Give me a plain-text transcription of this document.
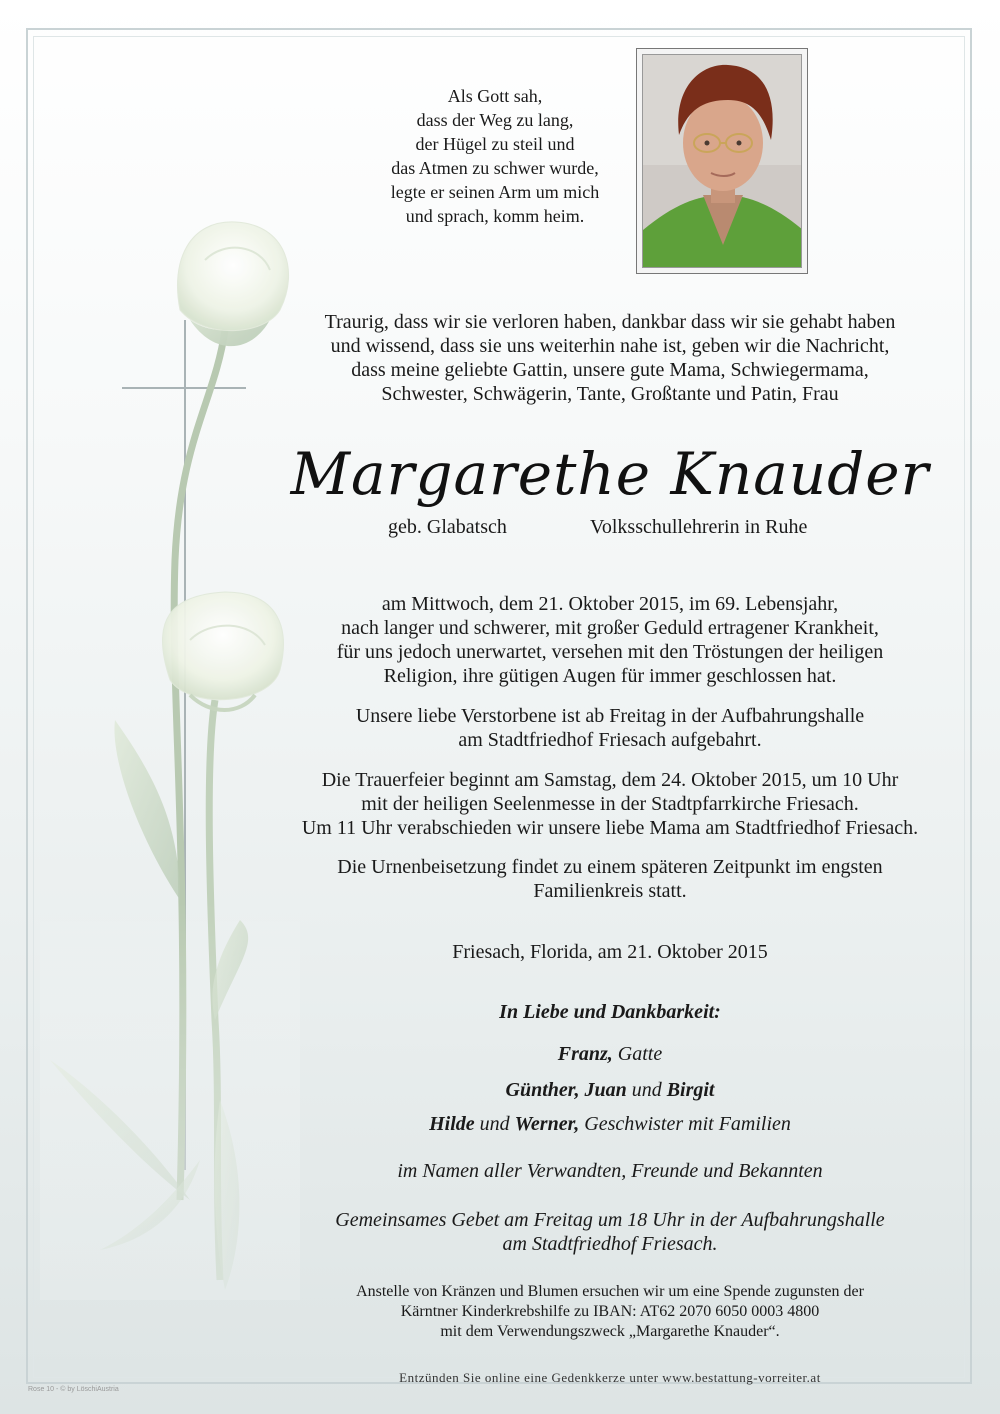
Als Gott sah,
dass der Weg zu lang,
der Hügel zu steil und
das Atmen zu schwer wurde,
legte er seinen Arm um mich
und sprach, komm heim.
Traurig, dass wir sie verloren haben, dankbar dass wir sie gehabt haben
und wissend, dass sie uns weiterhin nahe ist, geben wir die Nachricht,
dass meine geliebte Gattin, unsere gute Mama, Schwiegermama,
Schwester, Schwägerin, Tante, Großtante und Patin, Frau
Margarethe Knauder
geb. Glabatsch	Volksschullehrerin in Ruhe
am Mittwoch, dem 21. Oktober 2015, im 69. Lebensjahr,
nach langer und schwerer, mit großer Geduld ertragener Krankheit,
für uns jedoch unerwartet, versehen mit den Tröstungen der heiligen
Religion, ihre gütigen Augen für immer geschlossen hat.
Unsere liebe Verstorbene ist ab Freitag in der Aufbahrungshalle
am Stadtfriedhof Friesach aufgebahrt.
Die Trauerfeier beginnt am Samstag, dem 24. Oktober 2015, um 10 Uhr
mit der heiligen Seelenmesse in der Stadtpfarrkirche Friesach.
Um 11 Uhr verabschieden wir unsere liebe Mama am Stadtfriedhof Friesach.
Die Urnenbeisetzung findet zu einem späteren Zeitpunkt im engsten
Familienkreis statt.
Friesach, Florida, am 21. Oktober 2015
In Liebe und Dankbarkeit:
Franz, Gatte
Günther, Juan und Birgit
Hilde und Werner, Geschwister mit Familien
im Namen aller Verwandten, Freunde und Bekannten
Gemeinsames Gebet am Freitag um 18 Uhr in der Aufbahrungshalle
am Stadtfriedhof Friesach.
Anstelle von Kränzen und Blumen ersuchen wir um eine Spende zugunsten der
Kärntner Kinderkrebshilfe zu IBAN: AT62 2070 6050 0003 4800
mit dem Verwendungszweck „Margarethe Knauder“.
Entzünden Sie online eine Gedenkkerze unter www.bestattung-vorreiter.at
Rose 10 - © by LöschiAustria
